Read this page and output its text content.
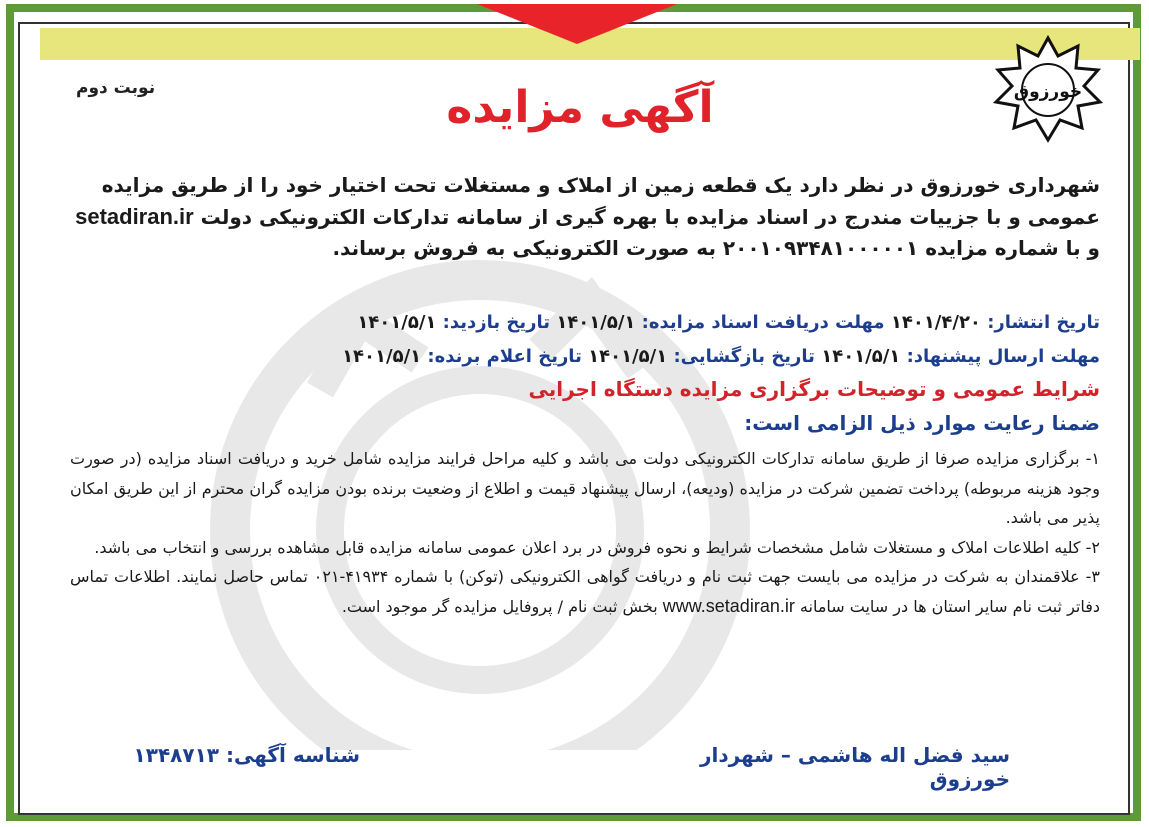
خورزوق
نوبت دوم	آگهی مزایده
شهرداری خورزوق در نظر دارد یک قطعه زمین از املاک و مستغلات تحت اختیار خود را از طریق مزایده عمومی و با جزییات مندرج در اسناد مزایده با بهره گیری از سامانه تدارکات الکترونیکی دولت setadiran.ir و با شماره مزایده ۲۰۰۱۰۹۳۴۸۱۰۰۰۰۰۱ به صورت الکترونیکی به فروش برساند.
تاریخ انتشار: ۱۴۰۱/۴/۲۰ مهلت دریافت اسناد مزایده: ۱۴۰۱/۵/۱ تاریخ بازدید: ۱۴۰۱/۵/۱
مهلت ارسال پیشنهاد: ۱۴۰۱/۵/۱ تاریخ بازگشایی: ۱۴۰۱/۵/۱ تاریخ اعلام برنده: ۱۴۰۱/۵/۱
شرایط عمومی و توضیحات برگزاری مزایده دستگاه اجرایی
ضمنا رعایت موارد ذیل الزامی است:

۱- برگزاری مزایده صرفا از طریق سامانه تدارکات الکترونیکی دولت می باشد و کلیه مراحل فرایند مزایده شامل خرید و دریافت اسناد مزایده (در صورت وجود هزینه مربوطه) پرداخت تضمین شرکت در مزایده (ودیعه)، ارسال پیشنهاد قیمت و اطلاع از وضعیت برنده بودن مزایده گران محترم از این طریق امکان پذیر می باشد.

۲- کلیه اطلاعات املاک و مستغلات شامل مشخصات شرایط و نحوه فروش در برد اعلان عمومی سامانه مزایده قابل مشاهده بررسی و انتخاب می باشد.

۳- علاقمندان به شرکت در مزایده می بایست جهت ثبت نام و دریافت گواهی الکترونیکی (توکن) با شماره ۴۱۹۳۴-۰۲۱ تماس حاصل نمایند. اطلاعات تماس دفاتر ثبت نام سایر استان ها در سایت سامانه www.setadiran.ir بخش ثبت نام / پروفایل مزایده گر موجود است.

سید فضل اله هاشمی – شهردار خورزوق
شناسه آگهی: ۱۳۴۸۷۱۳
